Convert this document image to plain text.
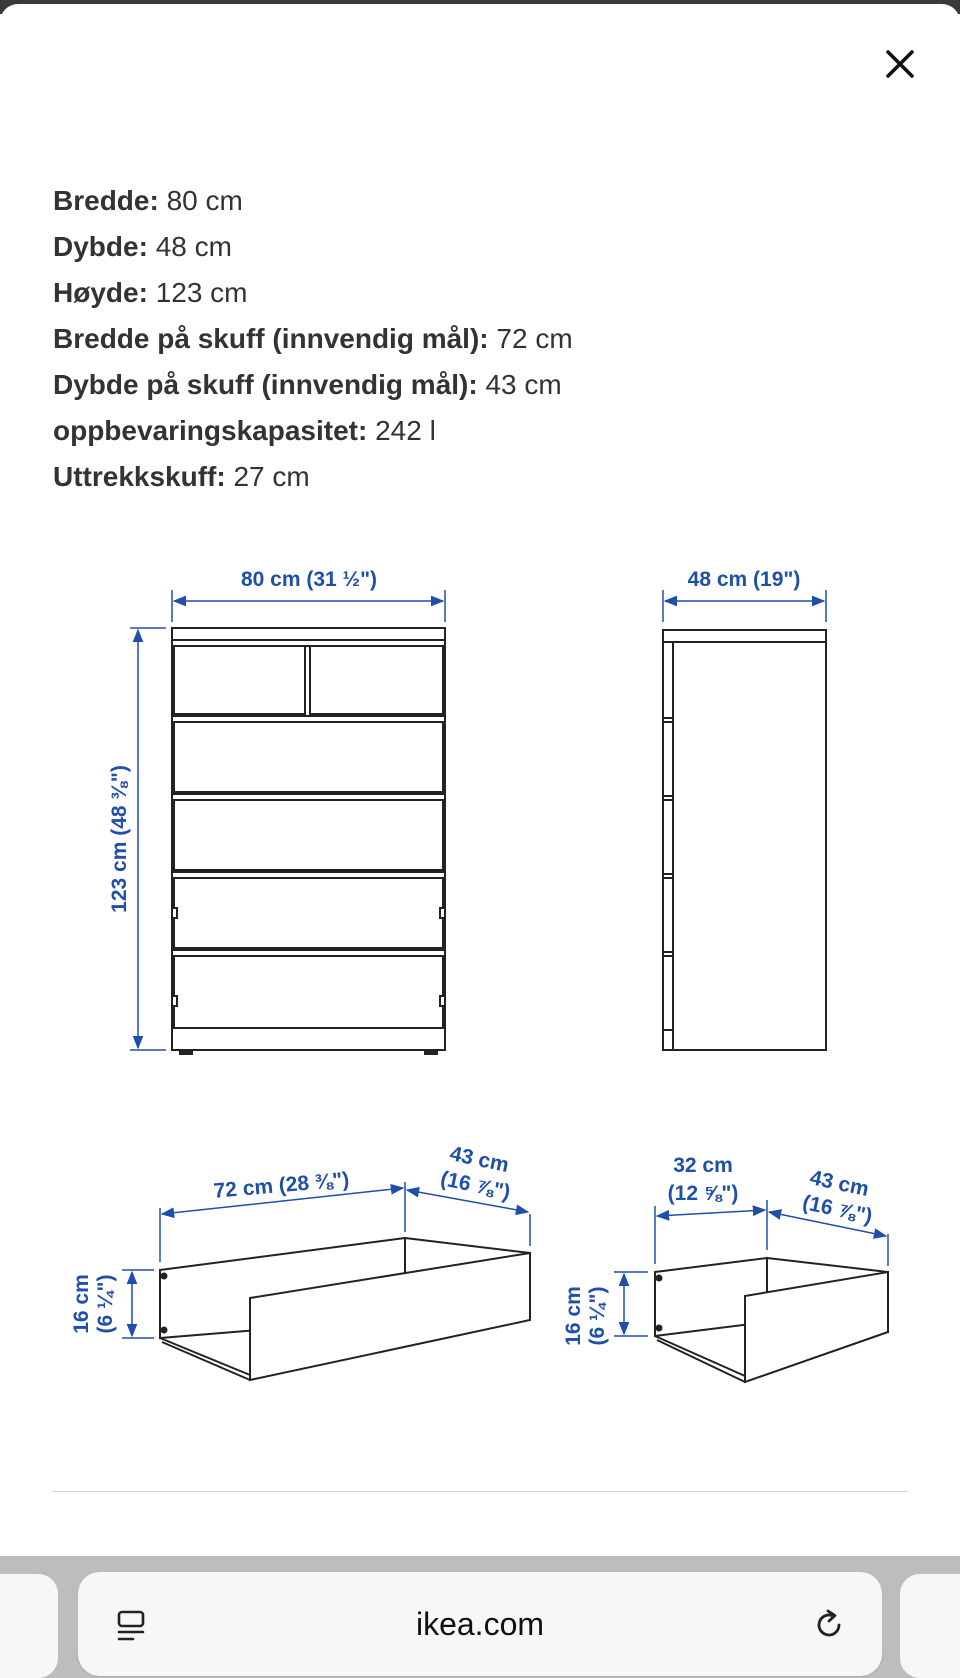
Bredde: 80 cm
Dybde: 48 cm
Høyde: 123 cm
Bredde på skuff (innvendig mål): 72 cm
Dybde på skuff (innvendig mål): 43 cm
oppbevaringskapasitet: 242 l
Uttrekkskuff: 27 cm
80 cm (31 ½")
123 cm (48 ⅜")
48 cm (19")
72 cm (28 ⅜")
43 cm
(16 ⅞")
16 cm (6 ¼")
32 cm
(12 ⅝")	43 cm
(16 ⅞")
16 cm (6 ¼")
ikea.com
